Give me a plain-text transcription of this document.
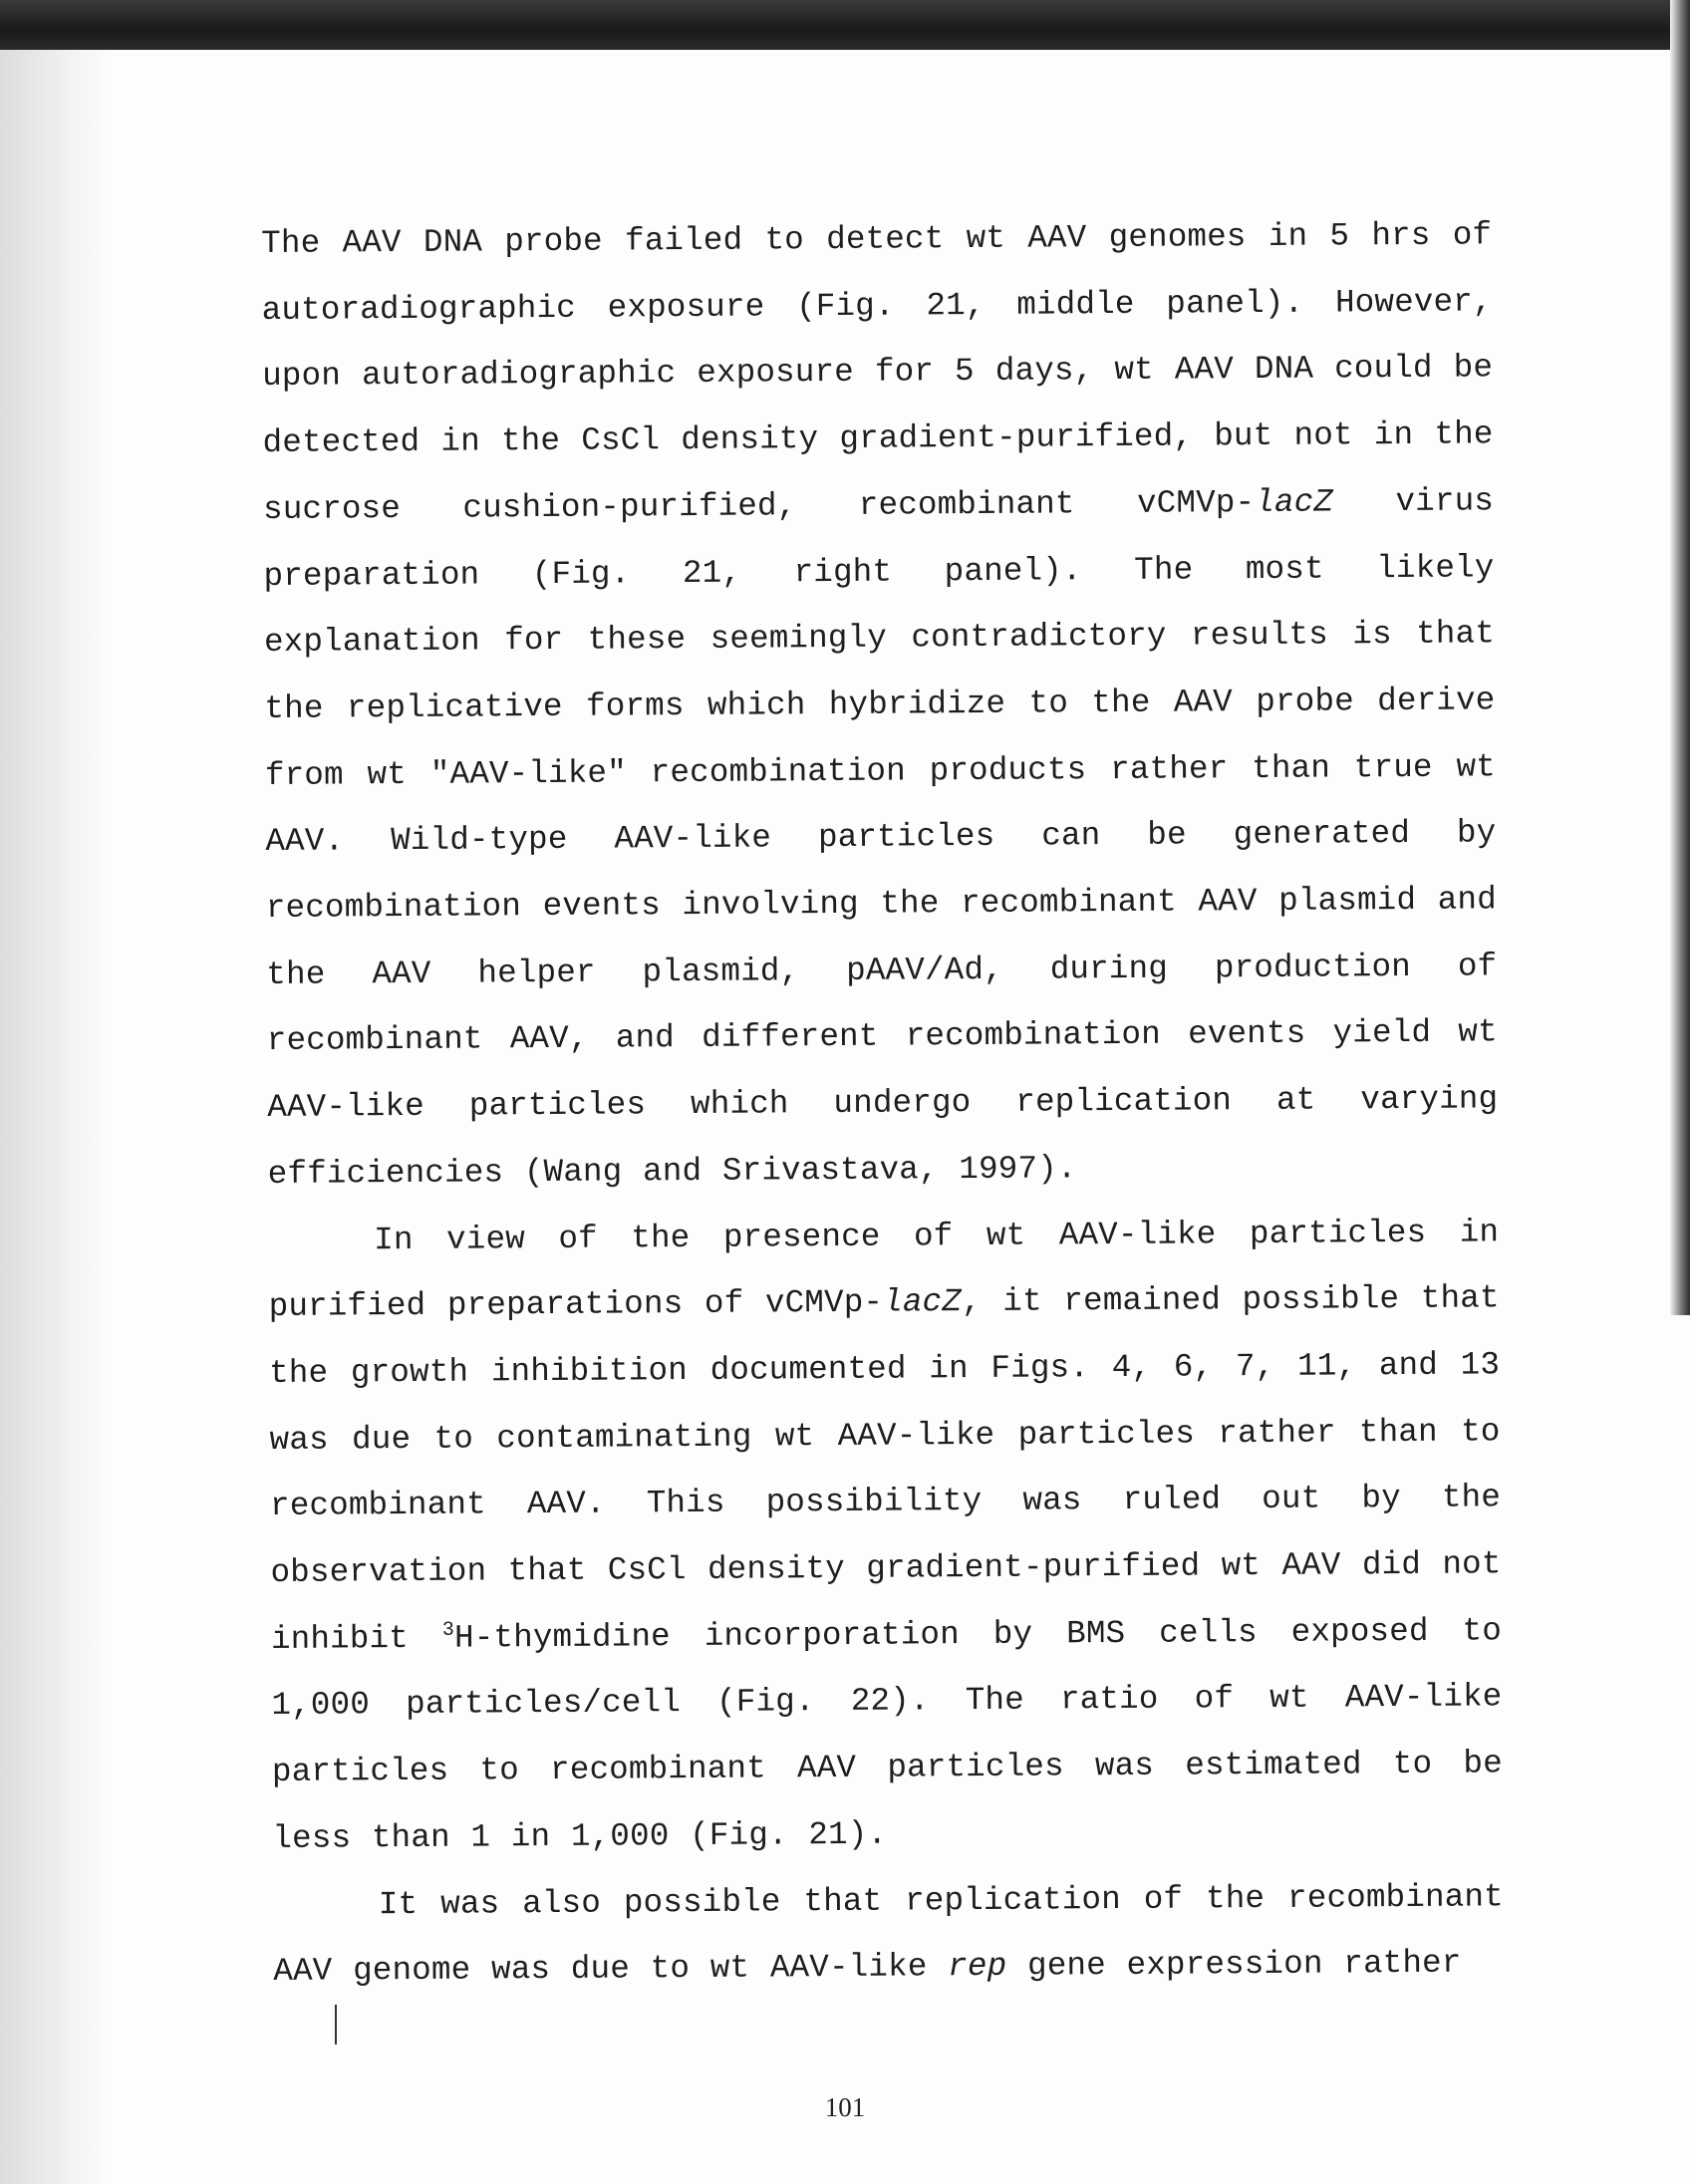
The AAV DNA probe failed to detect wt AAV genomes in 5 hrs of autoradiographic exposure (Fig. 21, middle panel). However, upon autoradiographic exposure for 5 days, wt AAV DNA could be detected in the CsCl density gradient-purified, but not in the sucrose cushion-purified, recombinant vCMVp-lacZ virus preparation (Fig. 21, right panel). The most likely explanation for these seemingly contradictory results is that the replicative forms which hybridize to the AAV probe derive from wt "AAV-like" recombination products rather than true wt AAV. Wild-type AAV-like particles can be generated by recombination events involving the recombinant AAV plasmid and the AAV helper plasmid, pAAV/Ad, during production of recombinant AAV, and different recombination events yield wt AAV-like particles which undergo replication at varying efficiencies (Wang and Srivastava, 1997).

In view of the presence of wt AAV-like particles in purified preparations of vCMVp-lacZ, it remained possible that the growth inhibition documented in Figs. 4, 6, 7, 11, and 13 was due to contaminating wt AAV-like particles rather than to recombinant AAV. This possibility was ruled out by the observation that CsCl density gradient-purified wt AAV did not inhibit $^3$H-thymidine incorporation by BMS cells exposed to 1,000 particles/cell (Fig. 22). The ratio of wt AAV-like particles to recombinant AAV particles was estimated to be less than 1 in 1,000 (Fig. 21).

It was also possible that replication of the recombinant AAV genome was due to wt AAV-like rep gene expression rather

101
